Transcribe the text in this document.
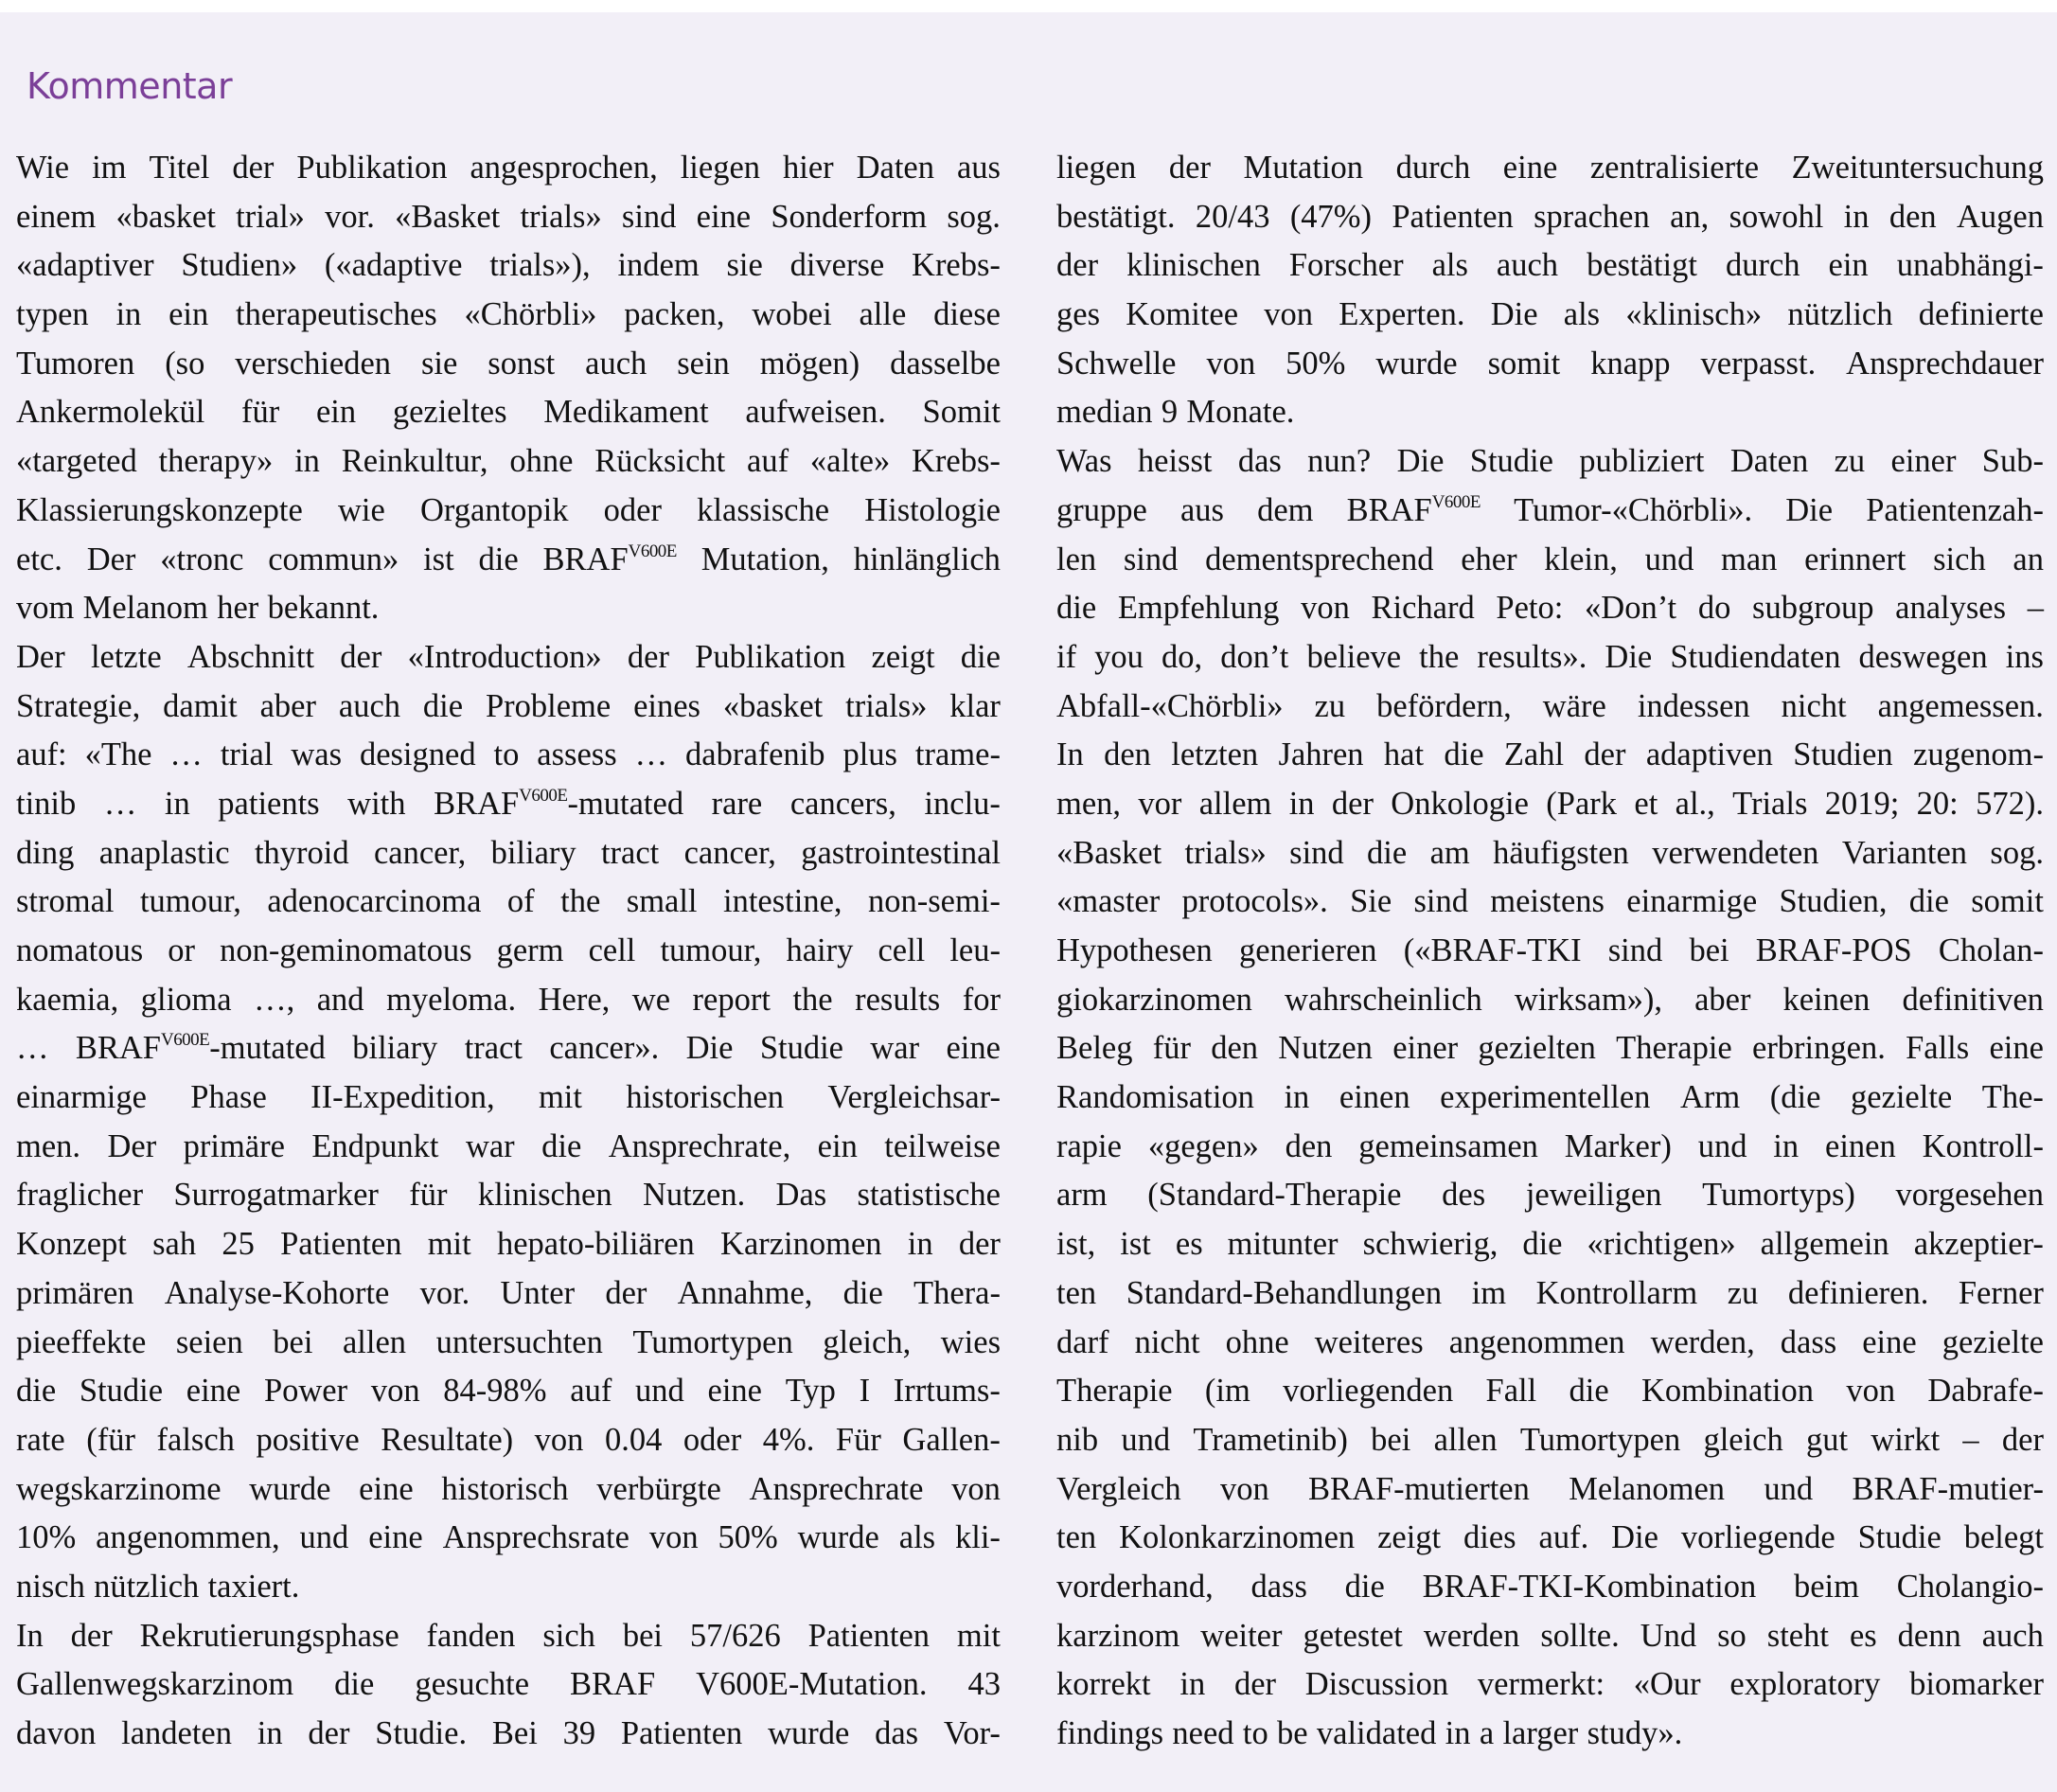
Kommentar
Wie im Titel der Publikation angesprochen, liegen hier Daten aus
einem «basket trial» vor. «Basket trials» sind eine Sonderform sog.
«adaptiver Studien» («adaptive trials»), indem sie diverse Krebs-
typen in ein therapeutisches «Chörbli» packen, wobei alle diese
Tumoren (so verschieden sie sonst auch sein mögen) dasselbe
Ankermolekül für ein gezieltes Medikament aufweisen. Somit
«targeted therapy» in Reinkultur, ohne Rücksicht auf «alte» Krebs-
Klassierungskonzepte wie Organtopik oder klassische Histologie
etc. Der «tronc commun» ist die $BRAF^{V600E}$ Mutation, hinlänglich
vom Melanom her bekannt.
Der letzte Abschnitt der «Introduction» der Publikation zeigt die
Strategie, damit aber auch die Probleme eines «basket trials» klar
auf: «The … trial was designed to assess … dabrafenib plus trame-
tinib … in patients with $BRAF^{V600E}$-mutated rare cancers, inclu-
ding anaplastic thyroid cancer, biliary tract cancer, gastrointestinal
stromal tumour, adenocarcinoma of the small intestine, non-semi-
nomatous or non-geminomatous germ cell tumour, hairy cell leu-
kaemia, glioma …, and myeloma. Here, we report the results for
… $BRAF^{V600E}$-mutated biliary tract cancer». Die Studie war eine
einarmige Phase II-Expedition, mit historischen Vergleichsar-
men. Der primäre Endpunkt war die Ansprechrate, ein teilweise
fraglicher Surrogatmarker für klinischen Nutzen. Das statistische
Konzept sah 25 Patienten mit hepato-biliären Karzinomen in der
primären Analyse-Kohorte vor. Unter der Annahme, die Thera-
pieeffekte seien bei allen untersuchten Tumortypen gleich, wies
die Studie eine Power von 84-98% auf und eine Typ I Irrtums-
rate (für falsch positive Resultate) von 0.04 oder 4%. Für Gallen-
wegskarzinome wurde eine historisch verbürgte Ansprechrate von
10% angenommen, und eine Ansprechsrate von 50% wurde als kli-
nisch nützlich taxiert.
In der Rekrutierungsphase fanden sich bei 57/626 Patienten mit
Gallenwegskarzinom die gesuchte BRAF V600E-Mutation. 43
davon landeten in der Studie. Bei 39 Patienten wurde das Vor-
liegen der Mutation durch eine zentralisierte Zweituntersuchung
bestätigt. 20/43 (47%) Patienten sprachen an, sowohl in den Augen
der klinischen Forscher als auch bestätigt durch ein unabhängi-
ges Komitee von Experten. Die als «klinisch» nützlich definierte
Schwelle von 50% wurde somit knapp verpasst. Ansprechdauer
median 9 Monate.
Was heisst das nun? Die Studie publiziert Daten zu einer Sub-
gruppe aus dem $BRAF^{V600E}$ Tumor-«Chörbli». Die Patientenzah-
len sind dementsprechend eher klein, und man erinnert sich an
die Empfehlung von Richard Peto: «Don’t do subgroup analyses –
if you do, don’t believe the results». Die Studiendaten deswegen ins
Abfall-«Chörbli» zu befördern, wäre indessen nicht angemessen.
In den letzten Jahren hat die Zahl der adaptiven Studien zugenom-
men, vor allem in der Onkologie (Park et al., Trials 2019; 20: 572).
«Basket trials» sind die am häufigsten verwendeten Varianten sog.
«master protocols». Sie sind meistens einarmige Studien, die somit
Hypothesen generieren («BRAF-TKI sind bei BRAF-POS Cholan-
giokarzinomen wahrscheinlich wirksam»), aber keinen definitiven
Beleg für den Nutzen einer gezielten Therapie erbringen. Falls eine
Randomisation in einen experimentellen Arm (die gezielte The-
rapie «gegen» den gemeinsamen Marker) und in einen Kontroll-
arm (Standard-Therapie des jeweiligen Tumortyps) vorgesehen
ist, ist es mitunter schwierig, die «richtigen» allgemein akzeptier-
ten Standard-Behandlungen im Kontrollarm zu definieren. Ferner
darf nicht ohne weiteres angenommen werden, dass eine gezielte
Therapie (im vorliegenden Fall die Kombination von Dabrafe-
nib und Trametinib) bei allen Tumortypen gleich gut wirkt – der
Vergleich von BRAF-mutierten Melanomen und BRAF-mutier-
ten Kolonkarzinomen zeigt dies auf. Die vorliegende Studie belegt
vorderhand, dass die BRAF-TKI-Kombination beim Cholangio-
karzinom weiter getestet werden sollte. Und so steht es denn auch
korrekt in der Discussion vermerkt: «Our exploratory biomarker
findings need to be validated in a larger study».
